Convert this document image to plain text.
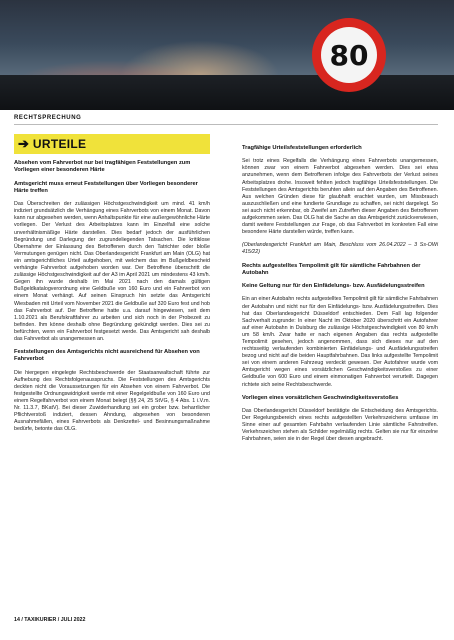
80
RECHTSPRECHUNG
➔ URTEILE
Absehen vom Fahrverbot nur bei tragfähigen Feststellungen zum Vorliegen einer besonderen Härte
Amtsgericht muss erneut Feststellungen über Vorliegen besonderer Härte treffen

Das Überschreiten der zulässigen Höchstgeschwindigkeit um mind. 41 km/h indiziert grundsätzlich die Verhängung eines Fahrverbots von einem Monat. Davon kann nur abgesehen werden, wenn Anhaltspunkte für eine außergewöhnliche Härte vorliegen. Der Verlust des Arbeitsplatzes kann im Einzelfall eine solche unverhältnismäßige Härte darstellen. Dies bedarf jedoch der ausführlichen Begründung und Darlegung der zugrundeliegenden Tatsachen. Die kritiklose Übernahme der Einlassung des Betroffenen durch den Tatrichter oder bloße Vermutungen genügen nicht. Das Oberlandesgericht Frankfurt am Main (OLG) hat ein amtsgerichtliches Urteil aufgehoben, mit welchem das im Bußgeldbescheid verhängte Fahrverbot aufgehoben worden war. Der Betroffene überschritt die zulässige Höchstgeschwindigkeit auf der A3 im April 2021 um mindestens 43 km/h. Gegen ihn wurde deshalb im Mai 2021 nach den damals gültigen Bußgeldkatalogverordnung eine Geldbuße von 160 Euro und ein Fahrverbot von einem Monat verhängt. Auf seinen Einspruch hin setzte das Amtsgericht Wiesbaden mit Urteil vom November 2021 die Geldbuße auf 320 Euro fest und hob das Fahrverbot auf. Der Betroffene hatte u.a. darauf hingewiesen, seit dem 1.10.2021 als Berufskraftfahrer zu arbeiten und sich noch in der Probezeit zu befinden. Ihm könne deshalb ohne Begründung gekündigt werden. Dies sei zu befürchten, wenn ein Fahrverbot festgesetzt werde. Das Amtsgericht sah deshalb das Fahrverbot als unangemessen an.

Feststellungen des Amtsgerichts nicht ausreichend für Absehen von Fahrverbot

Die hiergegen eingelegte Rechtsbeschwerde der Staatsanwaltschaft führte zur Aufhebung des Rechtsfolgenausspruchs. Die Feststellungen des Amtsgerichts deckten nicht die Voraussetzungen für ein Absehen von einem Fahrverbot. Die festgestellte Ordnungswidrigkeit werde mit einer Regelgeldbuße von 160 Euro und einem Regelfahrverbot von einem Monat belegt (§§ 24, 25 StVG, § 4 Abs. 1 i.V.m. Nr. 11.3.7, BKatV). Bei dieser Zuwiderhandlung sei ein grober bzw. beharrlicher Pflichtverstoß indiziert, dessen Ahndung, abgesehen von besonderen Ausnahmefällen, eines Fahrverbots als Denkzettel- und Besinnungsmaßnahme bedürfe, betonte das OLG.

Tragfähige Urteilsfeststellungen erforderlich

Sei trotz eines Regelfalls die Verhängung eines Fahrverbots unangemessen, können zwar von einem Fahrverbot abgesehen werden. Dies sei etwa anzunehmen, wenn dem Betroffenen infolge des Fahrverbots der Verlust seines Arbeitsplatzes drohe. Insoweit fehlten jedoch tragfähige Urteilsfeststellungen. Die Feststellungen des Amtsgerichts beruhten allein auf den Angaben des Betroffenen. Aus welchen Gründen diese für glaubhaft erachtet wurden, um Missbrauch auszuschließen und eine fundierte Grundlage zu schaffen, sei nicht dargelegt. So sei auch nicht erkennbar, ob Zweifel am Zutreffen dieser Angaben des Betroffenen aufgekommen seien. Das OLG hat die Sache an das Amtsgericht zurückverwiesen, damit weitere Feststellungen zur Frage, ob das Fahrverbot im konkreten Fall eine besondere Härte darstellen würde, treffen kann.

(Oberlandesgericht Frankfurt am Main, Beschluss vom 26.04.2022 – 3 Ss-OWi 415/22)

Rechts aufgestelltes Tempolimit gilt für sämtliche Fahrbahnen der Autobahn
Keine Geltung nur für den Einfädelungs- bzw. Ausfädelungsstreifen

Ein an einer Autobahn rechts aufgestelltes Tempolimit gilt für sämtliche Fahrbahnen der Autobahn und nicht nur für den Einfädelungs- bzw. Ausfädelungsstreifen. Dies hat das Oberlandesgericht Düsseldorf entschieden. Dem Fall lag folgender Sachverhalt zugrunde: In einer Nacht im Oktober 2020 überschritt ein Autofahrer auf einer Autobahn in Duisburg die zulässige Höchstgeschwindigkeit von 80 km/h um 58 km/h. Zwar hatte er nach eigenen Angaben das rechts aufgestellte Tempolimit gesehen, jedoch angenommen, dass sich dieses nur auf den rechtsseitig verlaufenden kombinierten Einfädelungs- und Ausfädelungsstreifen bezog und nicht auf die beiden Hauptfahrbahnen. Das links aufgestellte Tempolimit sei von einem anderen Fahrzeug verdeckt gewesen. Der Autofahrer wurde vom Amtsgericht wegen eines vorsätzlichen Geschwindigkeitsverstoßes zu einer Geldbuße von 600 Euro und einem einmonatigen Fahrverbot verurteilt. Dagegen richtete sich seine Rechtsbeschwerde.

Vorliegen eines vorsätzlichen Geschwindigkeitsverstoßes

Das Oberlandesgericht Düsseldorf bestätigte die Entscheidung des Amtsgerichts. Der Regelungsbereich eines rechts aufgestellten Verkehrszeichens umfasse im Sinne einer auf gesamten Fahrbahn verlaufenden Linie sämtliche Fahrstreifen. Verkehrszeichen stehen als Schilder regelmäßig rechts. Gelten sie nur für einzelne Fahrbahnen, seien sie in der Regel über diesen angebracht.

14 / TAXIKURIER / JULI 2022
